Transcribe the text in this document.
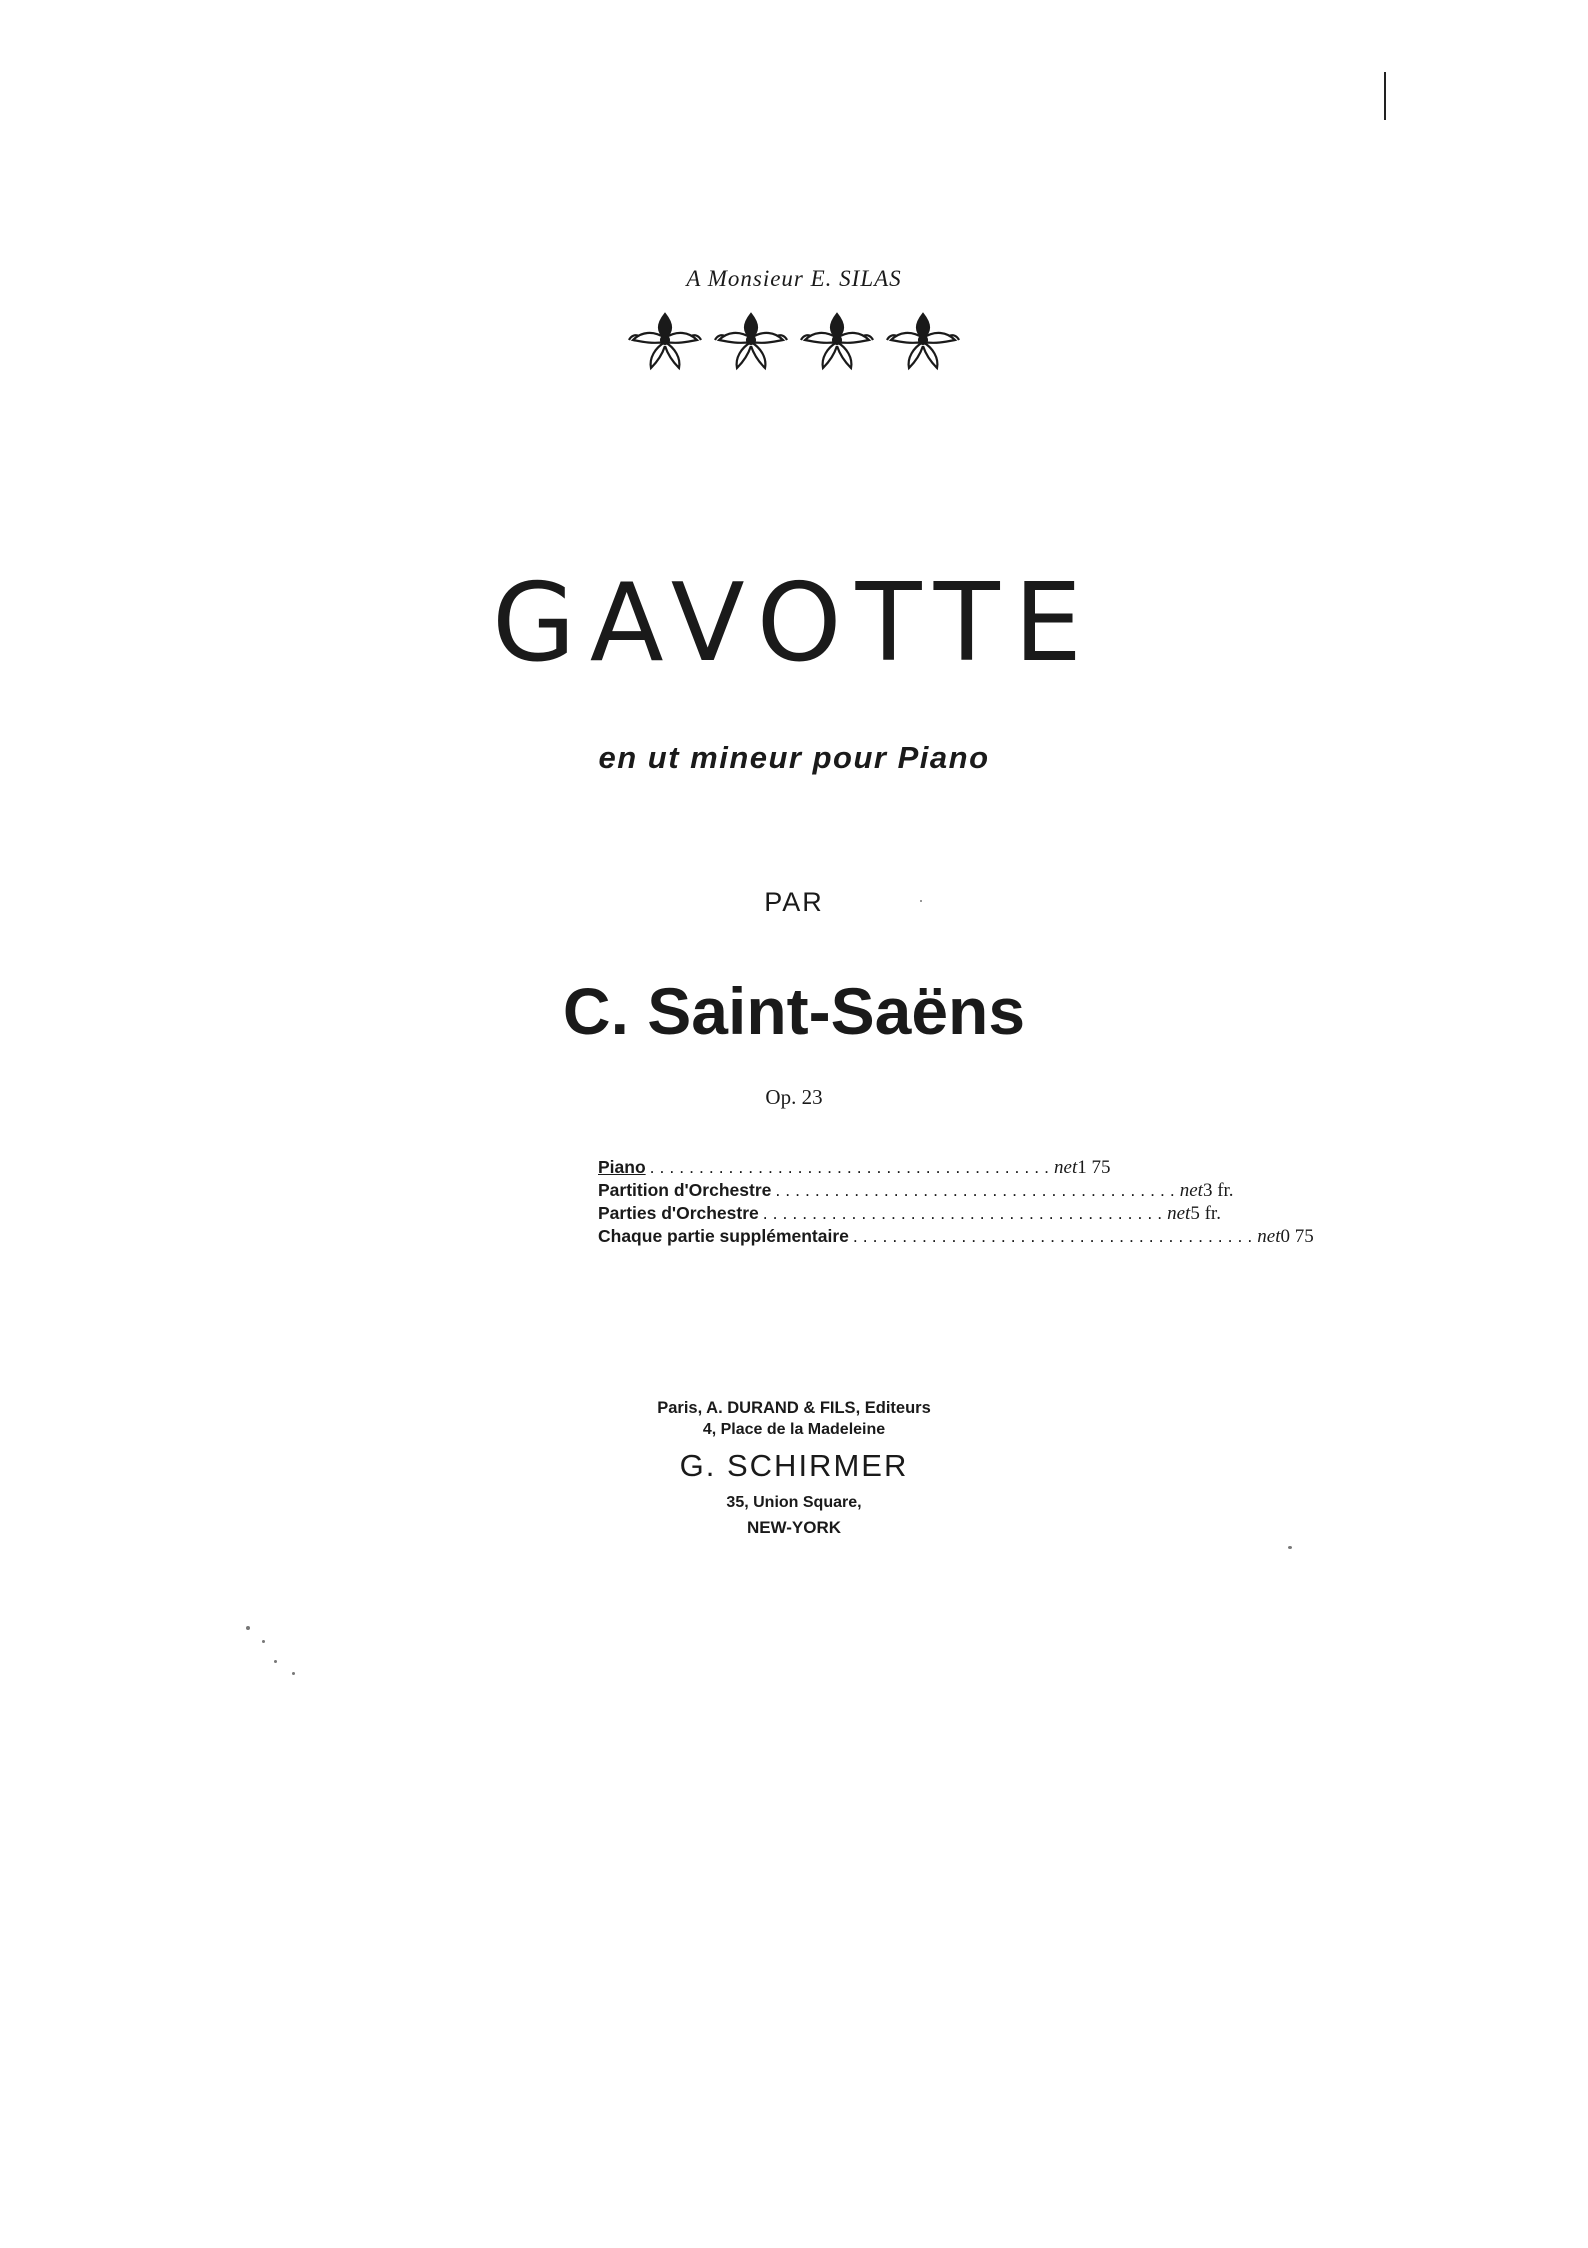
A Monsieur E. SILAS
GAVOTTE
en ut mineur pour Piano
PAR
C. Saint-Saëns
Op. 23
Piano ......................................... net 1 75
Partition d'Orchestre ......................................... net 3 fr.
Parties d'Orchestre ......................................... net 5 fr.
Chaque partie supplémentaire ......................................... net 0 75
Paris, A. DURAND & FILS, Editeurs
4, Place de la Madeleine
G. SCHIRMER
35, Union Square,
NEW-YORK
